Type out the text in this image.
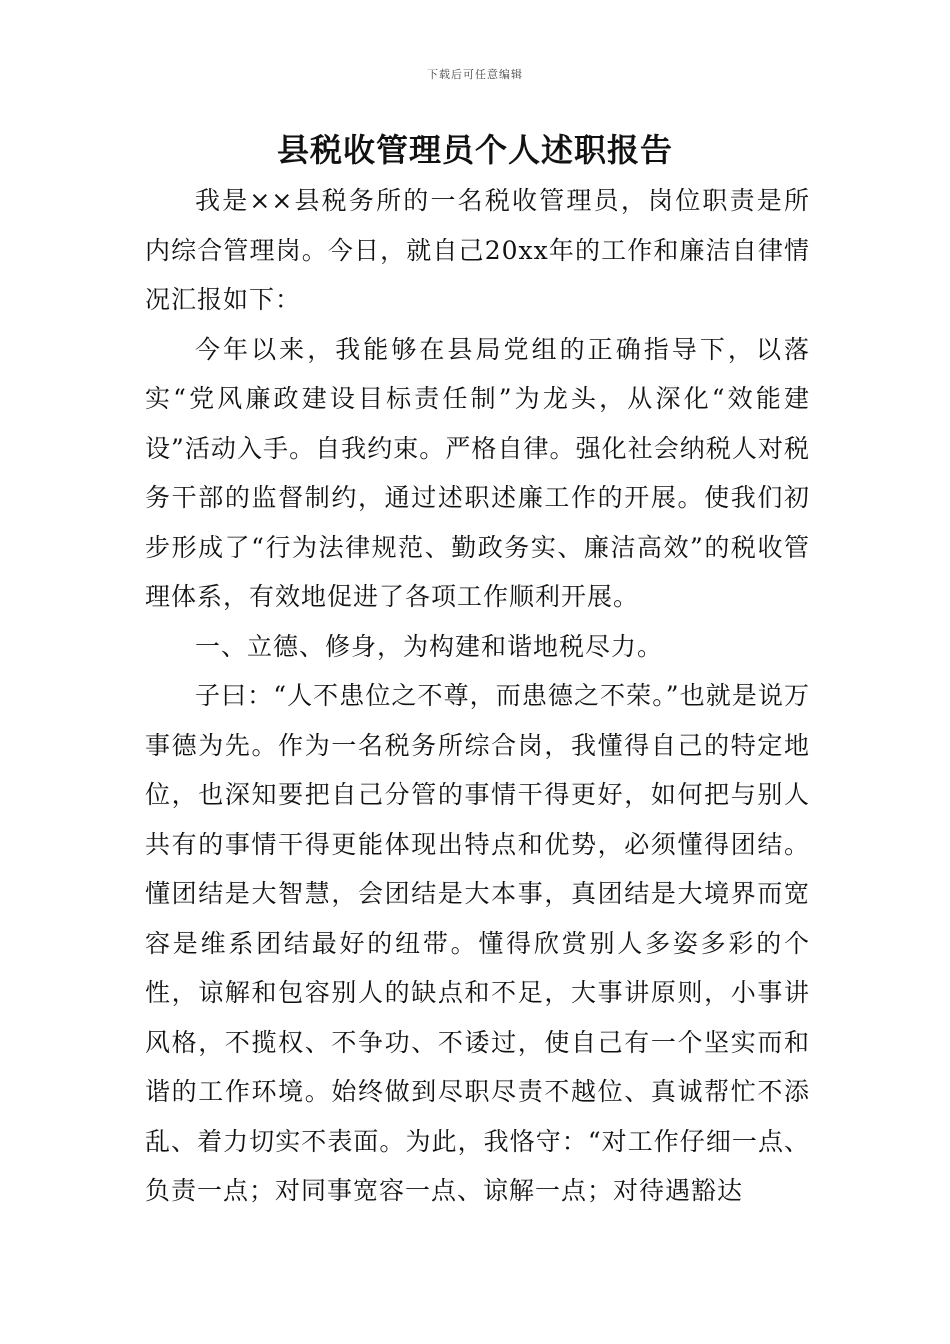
下载后可任意编辑
县税收管理员个人述职报告

我是××县税务所的一名税收管理员，岗位职责是所内综合管理岗。今日，就自己20xx年的工作和廉洁自律情况汇报如下：

今年以来，我能够在县局党组的正确指导下，以落实“党风廉政建设目标责任制”为龙头，从深化“效能建设”活动入手。自我约束。严格自律。强化社会纳税人对税务干部的监督制约，通过述职述廉工作的开展。使我们初步形成了“行为法律规范、勤政务实、廉洁高效”的税收管理体系，有效地促进了各项工作顺利开展。

一、立德、修身，为构建和谐地税尽力。

子曰：“人不患位之不尊，而患德之不荣。”也就是说万事德为先。作为一名税务所综合岗，我懂得自己的特定地位，也深知要把自己分管的事情干得更好，如何把与别人共有的事情干得更能体现出特点和优势，必须懂得团结。懂团结是大智慧，会团结是大本事，真团结是大境界而宽容是维系团结最好的纽带。懂得欣赏别人多姿多彩的个性，谅解和包容别人的缺点和不足，大事讲原则，小事讲风格，不揽权、不争功、不诿过，使自己有一个坚实而和谐的工作环境。始终做到尽职尽责不越位、真诚帮忙不添乱、着力切实不表面。为此，我恪守：“对工作仔细一点、负责一点；对同事宽容一点、谅解一点；对待遇豁达
